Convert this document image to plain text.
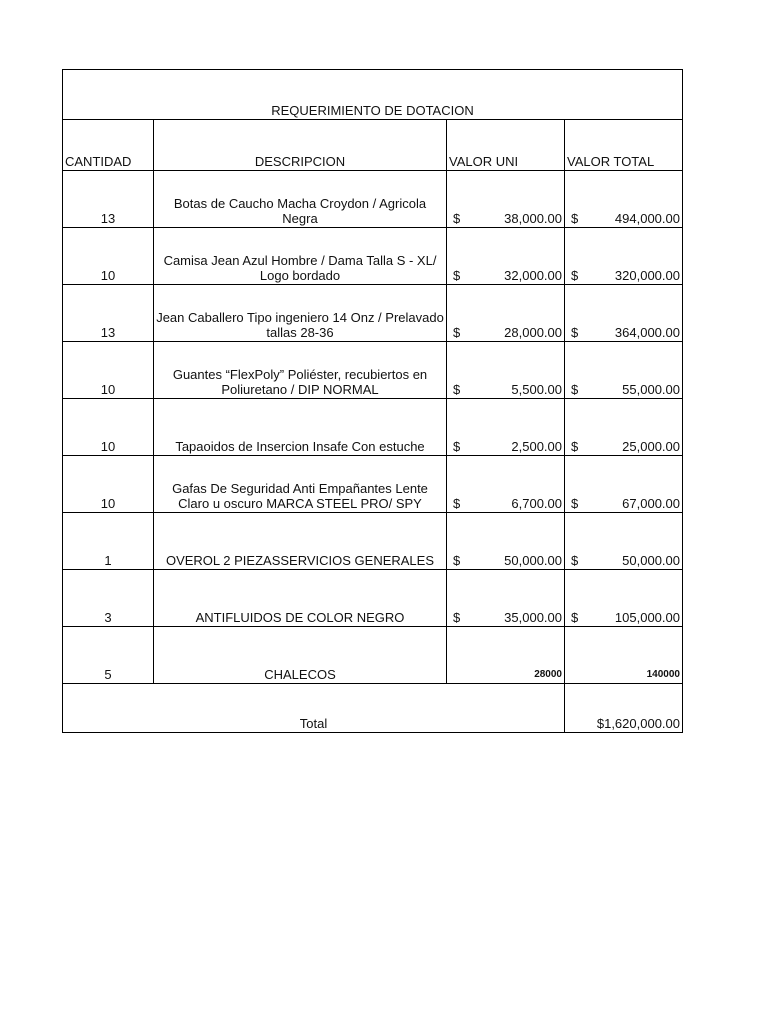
REQUERIMIENTO DE DOTACION			
CANTIDAD	DESCRIPCION	VALOR UNI	VALOR TOTAL
13	Botas de Caucho Macha Croydon / Agricola Negra	$ 38,000.00	$ 494,000.00

10	Camisa Jean Azul Hombre / Dama Talla S - XL/ Logo bordado	$ 32,000.00	$ 320,000.00

13	Jean Caballero Tipo ingeniero 14 Onz / Prelavado tallas 28-36	$ 28,000.00	$ 364,000.00

10	Guantes “FlexPoly” Poliéster, recubiertos en Poliuretano / DIP NORMAL	$ 5,500.00	$ 55,000.00

10	Tapaoidos de Insercion Insafe Con estuche	$ 2,500.00	$ 25,000.00

10	Gafas De Seguridad Anti Empañantes Lente Claro u oscuro MARCA STEEL PRO/ SPY	$ 6,700.00	$ 67,000.00

1	OVEROL 2 PIEZASSERVICIOS GENERALES	$ 50,000.00	$ 50,000.00

3	ANTIFLUIDOS DE COLOR NEGRO	$ 35,000.00	$ 105,000.00

5	CHALECOS	28000	140000
Total			$1,620,000.00
